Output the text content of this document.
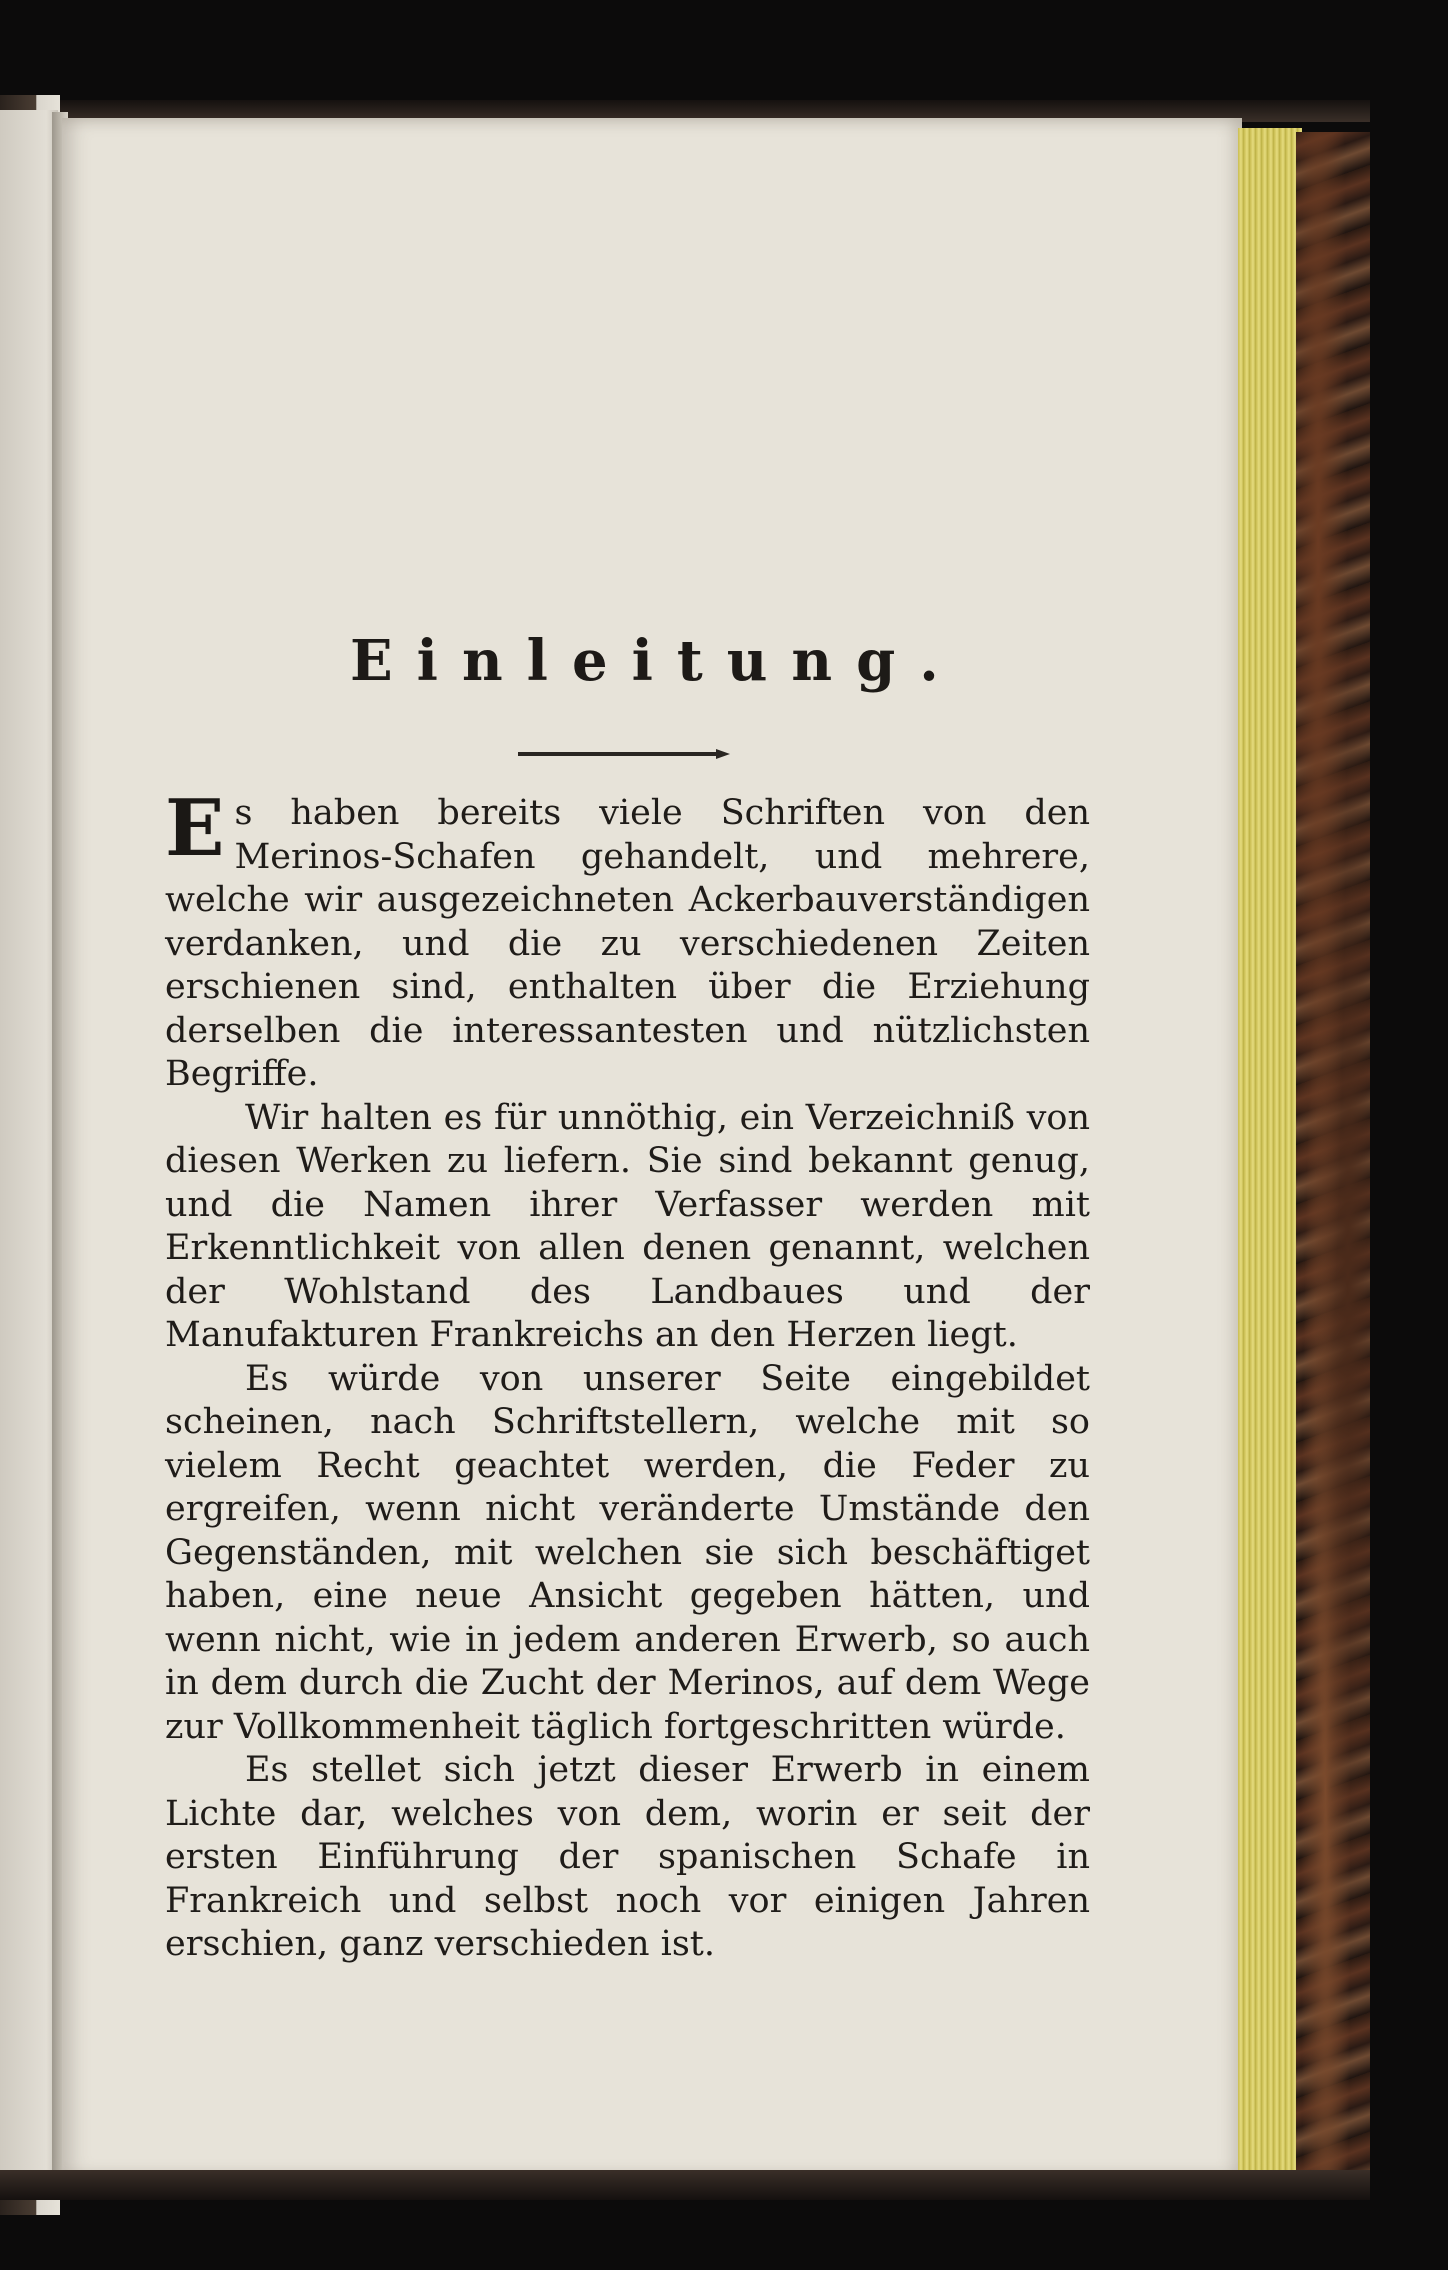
Einleitung.

Es haben bereits viele Schriften von den Merinos-Schafen gehandelt, und mehrere, welche wir ausgezeichneten Ackerbauverständigen verdanken, und die zu verschiedenen Zeiten erschienen sind, enthalten über die Erziehung derselben die interessantesten und nützlichsten Begriffe.

Wir halten es für unnöthig, ein Verzeichniß von diesen Werken zu liefern. Sie sind bekannt genug, und die Namen ihrer Verfasser werden mit Erkenntlichkeit von allen denen genannt, welchen der Wohlstand des Landbaues und der Manufakturen Frankreichs an den Herzen liegt.

Es würde von unserer Seite eingebildet scheinen, nach Schriftstellern, welche mit so vielem Recht geachtet werden, die Feder zu ergreifen, wenn nicht veränderte Umstände den Gegenständen, mit welchen sie sich beschäftiget haben, eine neue Ansicht gegeben hätten, und wenn nicht, wie in jedem anderen Erwerb, so auch in dem durch die Zucht der Merinos, auf dem Wege zur Vollkommenheit täglich fortgeschritten würde.

Es stellet sich jetzt dieser Erwerb in einem Lichte dar, welches von dem, worin er seit der ersten Einführung der spanischen Schafe in Frankreich und selbst noch vor einigen Jahren erschien, ganz verschieden ist.
